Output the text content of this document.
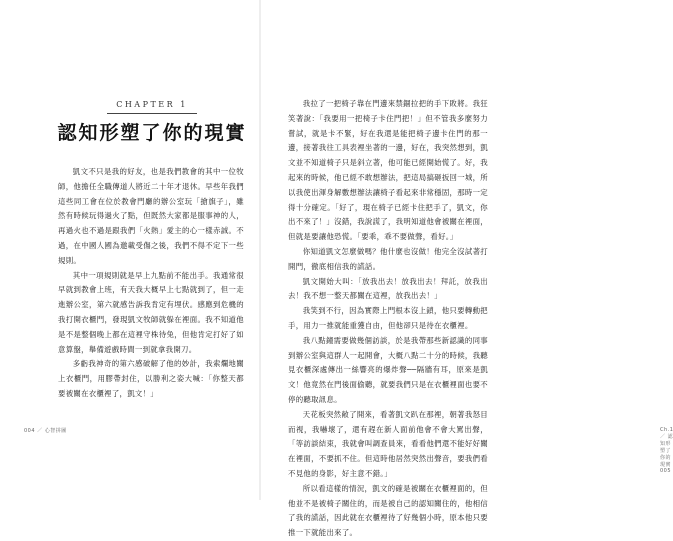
CHAPTER 1
認知形塑了你的現實

凱文不只是我的好友，也是我們教會的其中一位牧師，他擔任全職傳道人將近二十年才退休。早些年我們這些同工會在位於教會門廳的辦公室玩「搶旗子」，雖然有時候玩得過火了點，但既然大家都是服事神的人，再過火也不過是跟我們「火熱」愛主的心一樣赤誠。不過，在中國人國為邀載受傷之後，我們不得不定下一些規則。

其中一項規則就是早上九點前不能出手。我通常很早就到教會上班，有天我大概早上七點就到了，但一走進辦公室，第六就感告訴我肯定有埋伏。感應到危機的我打開衣櫃門，發現凱文牧師就躲在裡面。我不知道他是不是整個晚上都在這裡守株待兔，但他肯定打好了如意算盤，舉備遊戲時間一到就拿我開刀。

多虧我神奇的第六感破解了他的妙計，我索爛地關上衣櫃門，用膠帶封住，以勝利之姿大喊：「你整天都要被關在衣櫃裡了，凱文！」

004 ／ 心智拼圖

我拉了一把椅子靠在門邊來禁錮拉把的手下敗將。我狂笑著說：「我要用一把椅子卡住門把！」但不管我多麼努力嘗試，就是卡不緊，好在我還是能把椅子邊卡住門的那一邊，接著我往工具表裡坐著的一邊，好在，我突然想到，凱文並不知道椅子只是斜立著，他可能已經開始慌了。好，我起來的時候，他已經不敢想辦法，把這局搞砸扳回一城，所以我使出渾身解數想辦法讓椅子看起來非常穩固，那時一定得十分確定。「好了，現在椅子已經卡住把手了，凱文，你出不來了！」沒錯，我說謊了，我明知道他會被關在裡面，但就是要讓他恐慌。「要乖，乖不要做聲，看好。」

你知道凱文怎麼做嗎？他什麼也沒做！他完全沒試著打開門，徹底相信我的謊話。

凱文開始大叫：「放我出去！放我出去！拜託，放我出去！我不想一整天都關在這裡，放我出去！」

我笑到不行，因為實際上門根本沒上鎖，他只要轉動把手，用力一推就能重獲自由，但他卻只是待在衣櫃裡。

我八點鐘需要做幾個訪談，於是我帶那些新認識的同事到辦公室與這群人一起開會，大概八點二十分的時候，我聽見衣櫃深處傳出一絲響亮的爆炸聲──隔牆有耳，原來是凱文！他竟然在門後面偷聽，就要我們只是在衣櫃裡面也要不停的聽取訊息。

天花板突然敞了開來，看著凱文趴在那裡，朝著我怒目而視，我嚇壞了，還有趕在新人面前他會不會大罵出聲，「等訪談結束，我就會叫調查員來，看看他們還不能好好關在裡面，不要抓不住。但這時他居然突然出聲音，要我們看不見他的身影，好主意不錯。」

所以看這樣的情況，凱文的確是被關在衣櫃裡面的，但他並不是被椅子關住的，而是被自己的認知關住的，他相信了我的謊話，因此就在衣櫃裡待了好幾個小時，原本他只要推一下就能出來了。

Ch.1 ／ 認知形塑了你的現實　005
